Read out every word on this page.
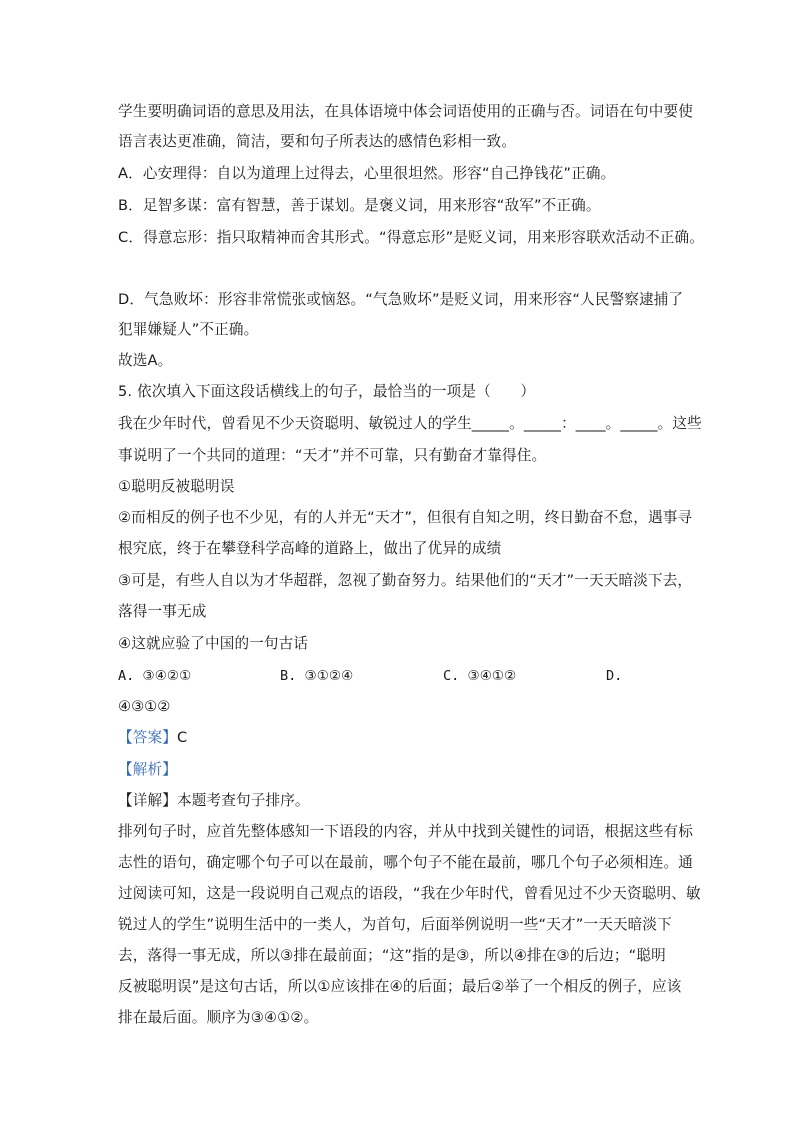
学生要明确词语的意思及用法，在具体语境中体会词语使用的正确与否。词语在句中要使
语言表达更准确，简洁，要和句子所表达的感情色彩相一致。
A．心安理得：自以为道理上过得去，心里很坦然。形容“自己挣钱花”正确。
B．足智多谋：富有智慧，善于谋划。是褒义词，用来形容“敌军”不正确。
C．得意忘形：指只取精神而舍其形式。“得意忘形”是贬义词，用来形容联欢活动不正确。
D．气急败坏：形容非常慌张或恼怒。“气急败坏”是贬义词，用来形容“人民警察逮捕了
犯罪嫌疑人”不正确。
故选A。
5. 依次填入下面这段话横线上的句子，最恰当的一项是（　　）
我在少年时代，曾看见不少天资聪明、敏锐过人的学生_____。_____：____。_____。这些
事说明了一个共同的道理：“天才”并不可靠，只有勤奋才靠得住。
①聪明反被聪明误
②而相反的例子也不少见，有的人并无“天才”，但很有自知之明，终日勤奋不怠，遇事寻
根究底，终于在攀登科学高峰的道路上，做出了优异的成绩
③可是，有些人自以为才华超群，忽视了勤奋努力。结果他们的“天才”一天天暗淡下去，
落得一事无成
④这就应验了中国的一句古话
A. ③④②①	B. ③①②④	C. ③④①②	D.
④③①②
【答案】C
【解析】
【详解】本题考查句子排序。
排列句子时，应首先整体感知一下语段的内容，并从中找到关键性的词语，根据这些有标
志性的语句，确定哪个句子可以在最前，哪个句子不能在最前，哪几个句子必须相连。通
过阅读可知，这是一段说明自己观点的语段，“我在少年时代，曾看见过不少天资聪明、敏
锐过人的学生”说明生活中的一类人，为首句，后面举例说明一些“天才”一天天暗淡下
去，落得一事无成，所以③排在最前面；“这”指的是③，所以④排在③的后边；“聪明
反被聪明误”是这句古话，所以①应该排在④的后面；最后②举了一个相反的例子，应该
排在最后面。顺序为③④①②。
